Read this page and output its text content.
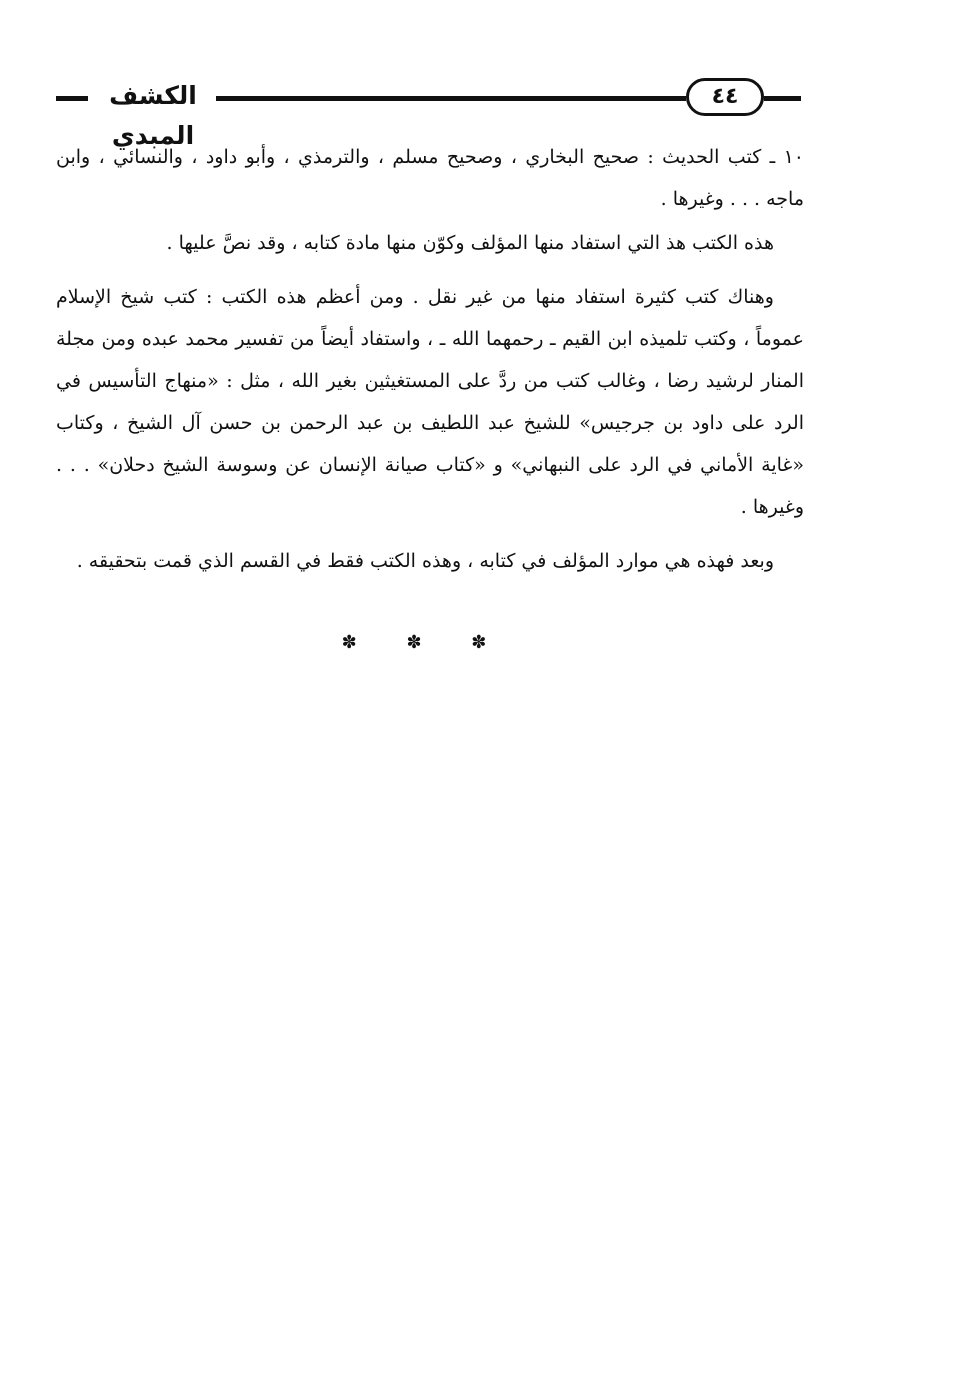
الكشف المبدي
٤٤

١٠ ـ كتب الحديث : صحيح البخاري ، وصحيح مسلم ، والترمذي ، وأبو داود ، والنسائي ، وابن ماجه . . . وغيرها .

هذه الكتب هذ التي استفاد منها المؤلف وكوّن منها مادة كتابه ، وقد نصَّ عليها .

وهناك كتب كثيرة استفاد منها من غير نقل . ومن أعظم هذه الكتب : كتب شيخ الإسلام عموماً ، وكتب تلميذه ابن القيم ـ رحمهما الله ـ ، واستفاد أيضاً من تفسير محمد عبده ومن مجلة المنار لرشيد رضا ، وغالب كتب من ردَّ على المستغيثين بغير الله ، مثل : «منهاج التأسيس في الرد على داود بن جرجيس» للشيخ عبد اللطيف بن عبد الرحمن بن حسن آل الشيخ ، وكتاب «غاية الأماني في الرد على النبهاني» و «كتاب صيانة الإنسان عن وسوسة الشيخ دحلان» . . . وغيرها .

وبعد فهذه هي موارد المؤلف في كتابه ، وهذه الكتب فقط في القسم الذي قمت بتحقيقه .

✽ ✽ ✽
